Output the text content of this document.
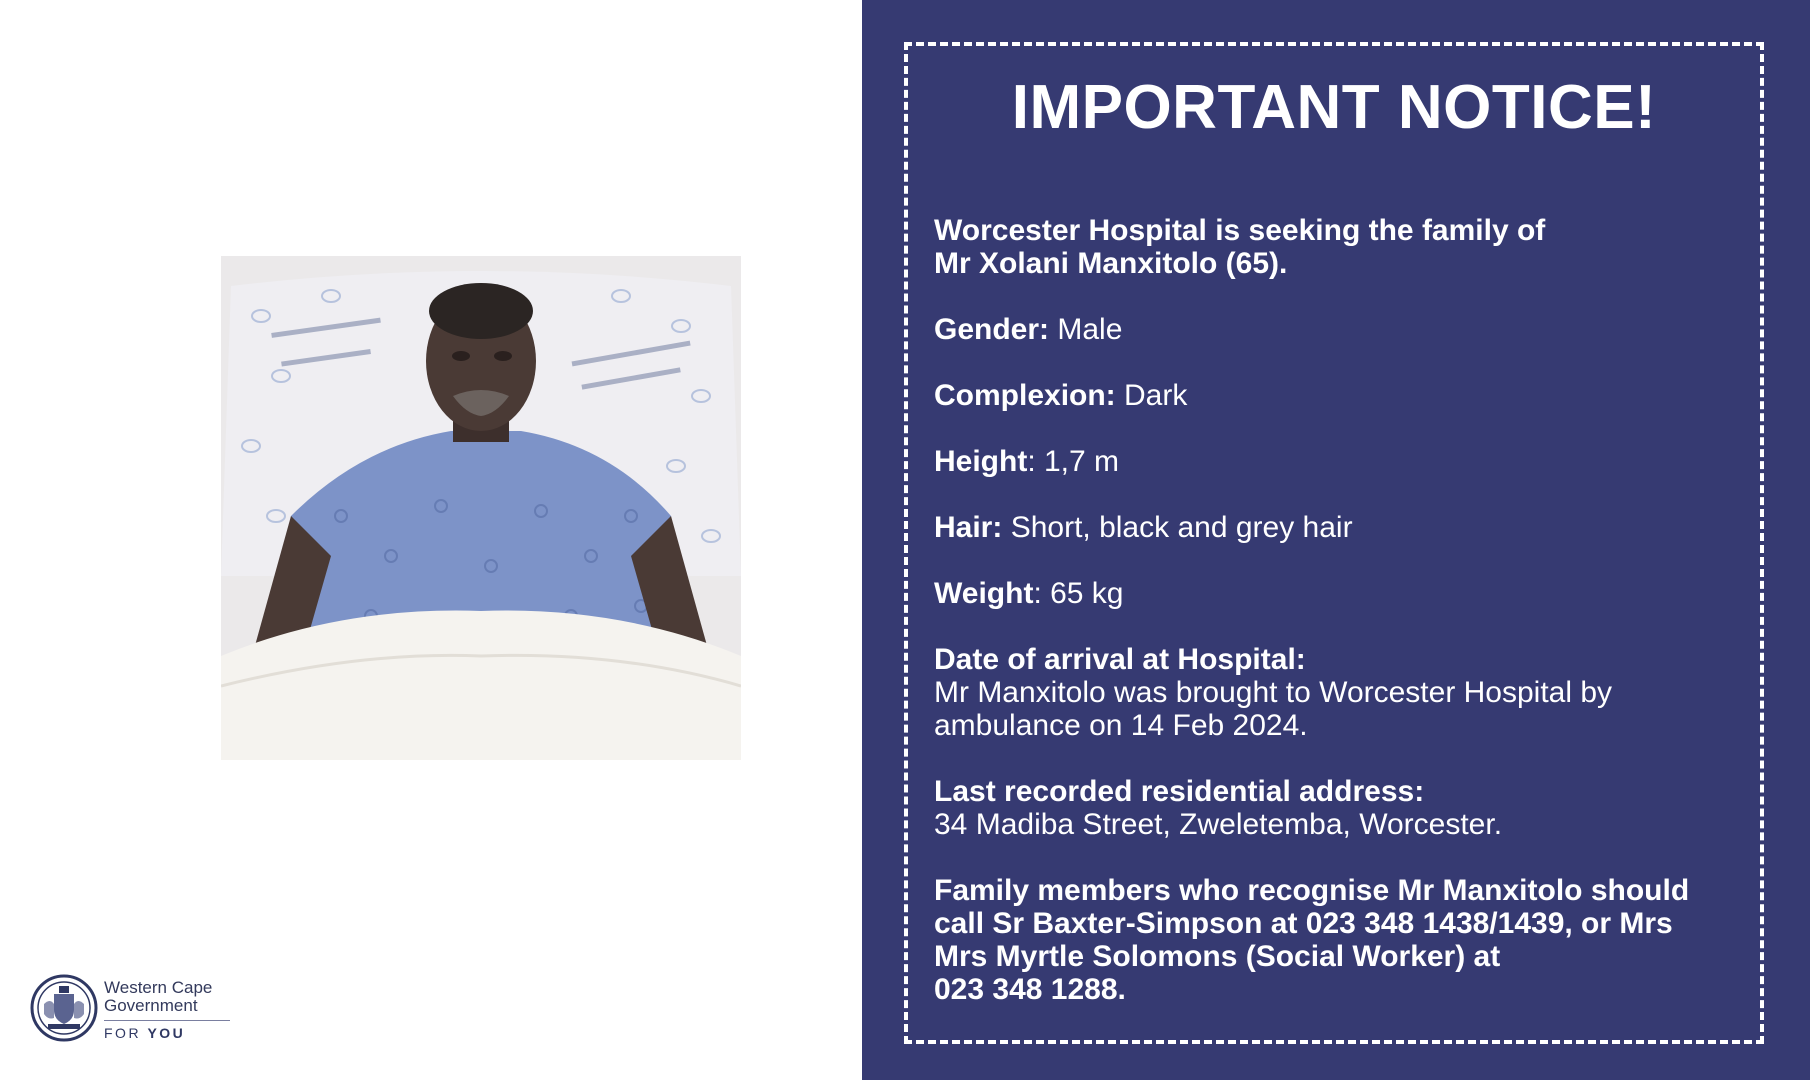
Western Cape
Government
FOR YOU
IMPORTANT NOTICE!
Worcester Hospital is seeking the family of
Mr Xolani Manxitolo (65).
Gender: Male
Complexion: Dark
Height: 1,7 m
Hair: Short, black and grey hair
Weight: 65 kg
Date of arrival at Hospital:
Mr Manxitolo was brought to Worcester Hospital by
ambulance on 14 Feb 2024.
Last recorded residential address:
34 Madiba Street, Zweletemba, Worcester.
Family members who recognise Mr Manxitolo should
call Sr Baxter-Simpson at 023 348 1438/1439, or Mrs
Mrs Myrtle Solomons (Social Worker) at
023 348 1288.
